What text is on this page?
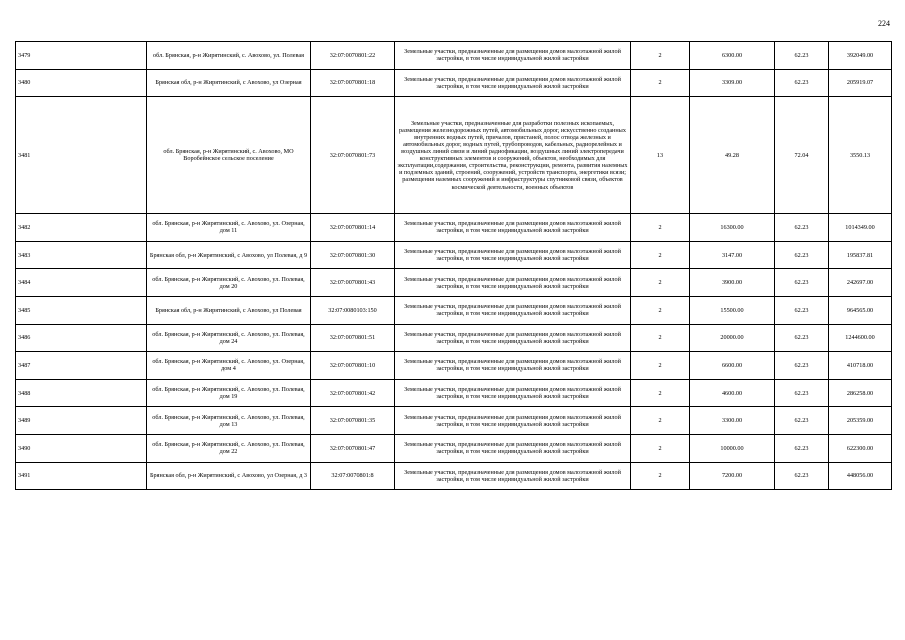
224
3479	обл. Брянская, р-н Жирятинский, с. Авохово, ул. Полевая	32:07:0070801:22	Земельные участки, предназначенные для размещения домов малоэтажной жилой застройки, в том числе индивидуальной жилой застройки	2	6300.00	62.23	392049.00
3480	Брянская обл, р-н Жирятинский, с Авохово, ул Озерная	32:07:0070801:18	Земельные участки, предназначенные для размещения домов малоэтажной жилой застройки, в том числе индивидуальной жилой застройки	2	3309.00	62.23	205919.07
3481	обл. Брянская, р-н Жирятинский, с. Авохово, МО Воробейнское сельское поселение	32:07:0070801:73	Земельные участки, предназначенные для разработки полезных ископаемых, размещения железнодорожных путей, автомобильных дорог, искусственно созданных внутренних водных путей, причалов, пристаней, полос отвода железных и автомобильных дорог, водных путей, трубопроводов, кабельных, радиорелейных и воздушных линий связи и линий радиофикации, воздушных линий электропередачи конструктивных элементов и сооружений, объектов, необходимых для эксплуатации,содержания, строительства, реконструкции, ремонта, развития наземных и подземных зданий, строений, сооружений, устройств транспорта, энергетики всязи; размещения наземных сооружений и инфраструктуры спутниковой связи, объектов космической деятельности, военных объектов	13	49.28	72.04	3550.13
3482	обл. Брянская, р-н Жирятинский, с. Авохово, ул. Озерная, дом 11	32:07:0070801:14	Земельные участки, предназначенные для размещения домов малоэтажной жилой застройки, в том числе индивидуальной жилой застройки	2	16300.00	62.23	1014349.00
3483	Брянская обл, р-н Жирятинский, с Авохово, ул Полевая, д 9	32:07:0070801:30	Земельные участки, предназначенные для размещения домов малоэтажной жилой застройки, в том числе индивидуальной жилой застройки	2	3147.00	62.23	195837.81
3484	обл. Брянская, р-н Жирятинский, с. Авохово, ул. Полевая, дом 20	32:07:0070801:43	Земельные участки, предназначенные для размещения домов малоэтажной жилой застройки, в том числе индивидуальной жилой застройки	2	3900.00	62.23	242697.00
3485	Брянская обл, р-н Жирятинский, с Авохово, ул Полевая	32:07:0080103:150	Земельные участки, предназначенные для размещения домов малоэтажной жилой застройки, в том числе индивидуальной жилой застройки	2	15500.00	62.23	964565.00
3486	обл. Брянская, р-н Жирятинский, с. Авохово, ул. Полевая, дом 24	32:07:0070801:51	Земельные участки, предназначенные для размещения домов малоэтажной жилой застройки, в том числе индивидуальной жилой застройки	2	20000.00	62.23	1244600.00
3487	обл. Брянская, р-н Жирятинский, с. Авохово, ул. Озерная, дом 4	32:07:0070801:10	Земельные участки, предназначенные для размещения домов малоэтажной жилой застройки, в том числе индивидуальной жилой застройки	2	6600.00	62.23	410718.00
3488	обл. Брянская, р-н Жирятинский, с. Авохово, ул. Полевая, дом 19	32:07:0070801:42	Земельные участки, предназначенные для размещения домов малоэтажной жилой застройки, в том числе индивидуальной жилой застройки	2	4600.00	62.23	286258.00
3489	обл. Брянская, р-н Жирятинский, с. Авохово, ул. Полевая, дом 13	32:07:0070801:35	Земельные участки, предназначенные для размещения домов малоэтажной жилой застройки, в том числе индивидуальной жилой застройки	2	3300.00	62.23	205359.00
3490	обл. Брянская, р-н Жирятинский, с. Авохово, ул. Полевая, дом 22	32:07:0070801:47	Земельные участки, предназначенные для размещения домов малоэтажной жилой застройки, в том числе индивидуальной жилой застройки	2	10000.00	62.23	622300.00
3491	Брянская обл, р-н Жирятинский, с Авохово, ул Озерная, д 3	32:07:0070801:8	Земельные участки, предназначенные для размещения домов малоэтажной жилой застройки, в том числе индивидуальной жилой застройки	2	7200.00	62.23	448056.00
